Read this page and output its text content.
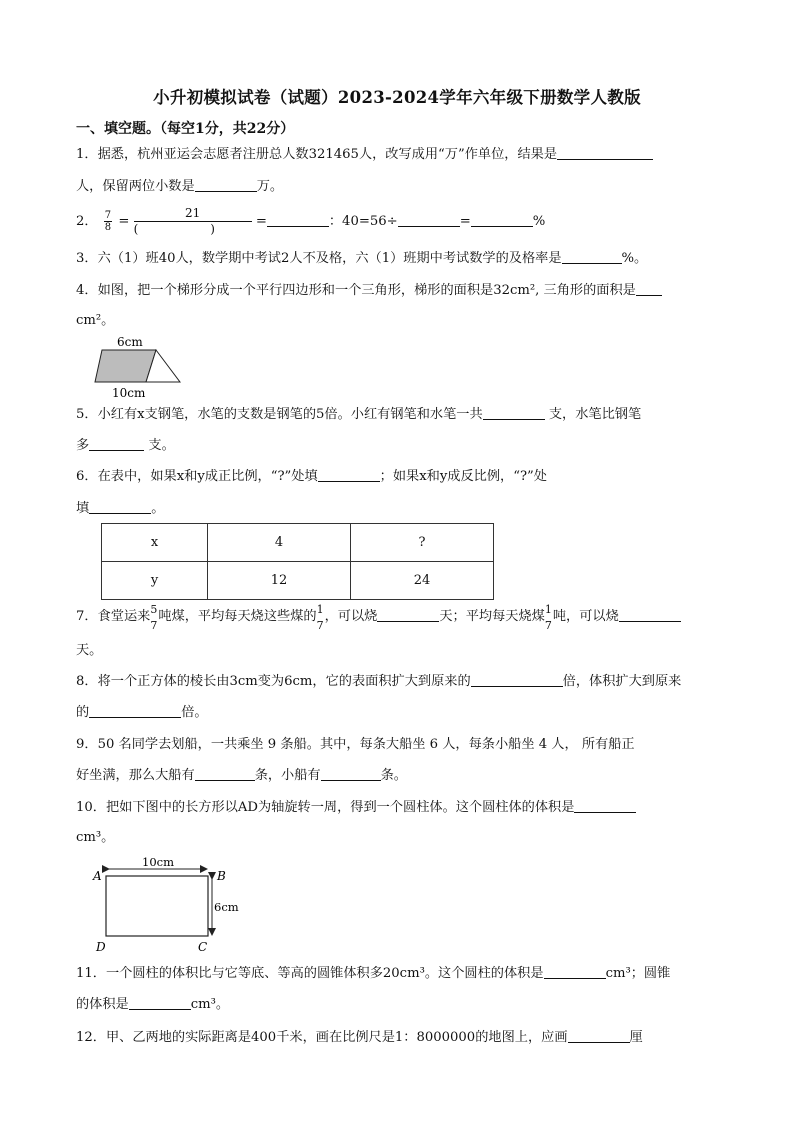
小升初模拟试卷（试题）2023-2024学年六年级下册数学人教版
一、填空题。（每空1分，共22分）
1．据悉，杭州亚运会志愿者注册总人数321465人，改写成用“万”作单位，结果是
人，保留两位小数是	万。
2． $\frac{7}{8} = \frac{21}{( )}$ =	：40=56÷	=	%
3．六（1）班40人，数学期中考试2人不及格，六（1）班期中考试数学的及格率是	%。
4．如图，把一个梯形分成一个平行四边形和一个三角形，梯形的面积是32cm², 三角形的面积是
cm²。
6cm
10cm
5．小红有x支钢笔，水笔的支数是钢笔的5倍。小红有钢笔和水笔一共	支，水笔比钢笔
多	支。
6．在表中，如果x和y成正比例，“?”处填	；如果x和y成反比例，“?”处
填	。
x	4	?
y	12	24
7．食堂运来 5
7
吨煤，平均每天烧这些煤的 1
7
，可以烧	天；平均每天烧煤 1
7
吨，可以烧
天。
8．将一个正方体的棱长由3cm变为6cm，它的表面积扩大到原来的	倍，体积扩大到原来
的	倍。
9．50 名同学去划船，一共乘坐 9 条船。其中，每条大船坐 6 人，每条小船坐 4 人， 所有船正
好坐满，那么大船有	条，小船有	条。
10．把如下图中的长方形以AD为轴旋转一周，得到一个圆柱体。这个圆柱体的体积是
cm³。
10cm
6cm
A	B
C
D
11．一个圆柱的体积比与它等底、等高的圆锥体积多20cm³。这个圆柱的体积是	cm³；圆锥
的体积是	cm³。
12．甲、乙两地的实际距离是400千米，画在比例尺是1：8000000的地图上，应画	厘
